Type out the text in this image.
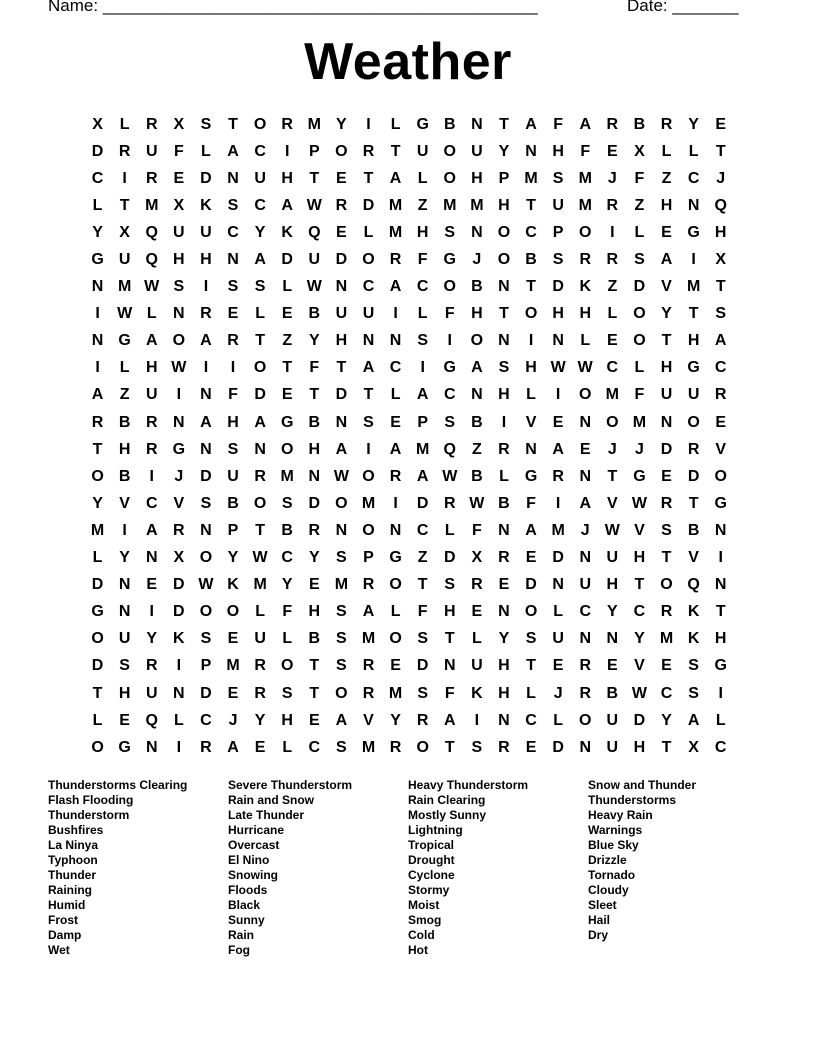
Name: ______________________________________________	Date: _______
Weather
X	L	R X	S	T O R M Y	I	L G B N	T	A	F	A R B R Y	E
D R U	F	L	A C	I	P O R	T	U O U Y N H	F	E	X	L	L	T
C	I	R E D N U H	T	E	T	A	L O H P M S M J	F	Z	C	J
L	T M X K S C A W R D M Z M M H	T	U M R	Z	H N Q
Y	X Q U U C Y K Q E	L M H S N O C P O	I	L	E G H
G U Q H H N A D U D O R	F G	J	O B S R R S A	I	X
N M W S	I	S	S	L W N C A C O B N	T	D K	Z	D V M T
I	W L	N R E	L	E B U U	I	L	F	H	T O H H	L O Y	T	S
N G A O A R	T	Z	Y H N N S	I	O N	I	N	L	E O T	H A
I	L	H W	I	I	O T	F	T	A C	I	G A S H W W C	L	H G C
A	Z	U	I	N	F	D E	T	D	T	L	A C N H	L	I	O M F	U U R
R B R N A H A G B N S	E	P	S B	I	V	E N O M N O E
T	H R G N S N O H A	I	A M Q Z	R N A E	J	J	D R V
O B	I	J	D U R M N W O R A W B	L G R N	T G E D O
Y	V C V	S B O S D O M	I	D R W B	F	I	A V W R	T G
M	I	A R N P	T	B R N O N C	L	F	N A M J W V	S B N
L	Y N X O Y W C Y	S	P G Z	D X R E D N U H	T	V	I
D N E D W K M Y	E M R O T	S R E D N U H	T O Q N
G N	I	D O O L	F	H S A	L	F	H E N O L	C Y C R K	T
O U Y K S	E U	L	B S M O S	T	L	Y	S U N N Y M K H
D S R	I	P M R O T	S R E D N U H	T	E R E	V	E	S G
T	H U N D E R S	T O R M S	F	K H	L	J	R B W C S	I
L	E Q L	C	J	Y H E A V	Y R A	I	N C	L O U D Y A	L
O G N	I	R A E	L	C S M R O T	S R E D N U H	T	X C
Thunderstorms Clearing
Flash Flooding
Thunderstorm
Bushfires
La Ninya
Typhoon
Thunder
Raining
Humid
Frost
Damp
Wet
Severe Thunderstorm
Rain and Snow
Late Thunder
Hurricane
Overcast
El Nino
Snowing
Floods
Black
Sunny
Rain
Fog
Heavy Thunderstorm
Rain Clearing
Mostly Sunny
Lightning
Tropical
Drought
Cyclone
Stormy
Moist
Smog
Cold
Hot
Snow and Thunder
Thunderstorms
Heavy Rain
Warnings
Blue Sky
Drizzle
Tornado
Cloudy
Sleet
Hail
Dry
